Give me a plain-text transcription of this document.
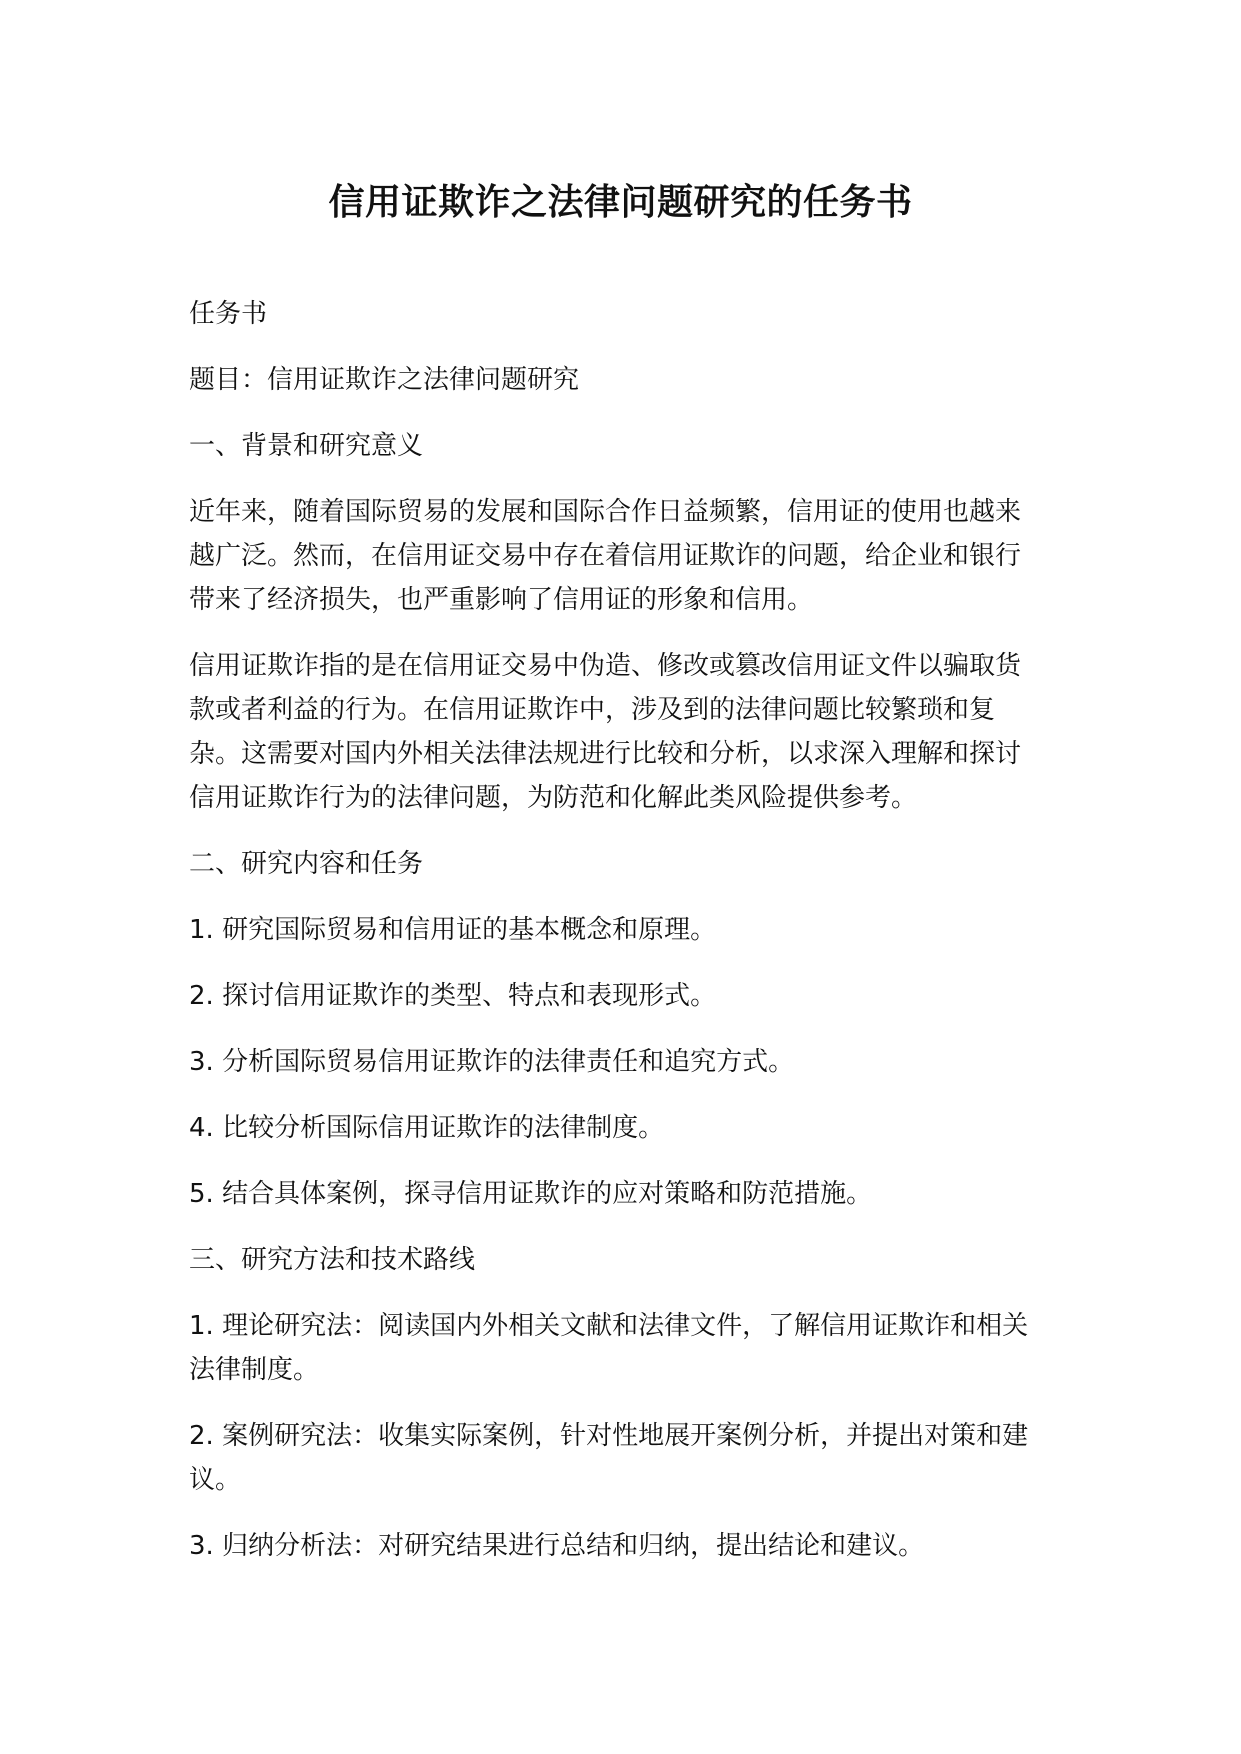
信用证欺诈之法律问题研究的任务书
任务书
题目：信用证欺诈之法律问题研究
一、背景和研究意义
近年来，随着国际贸易的发展和国际合作日益频繁，信用证的使用也越来越广泛。然而，在信用证交易中存在着信用证欺诈的问题，给企业和银行带来了经济损失，也严重影响了信用证的形象和信用。
信用证欺诈指的是在信用证交易中伪造、修改或篡改信用证文件以骗取货款或者利益的行为。在信用证欺诈中，涉及到的法律问题比较繁琐和复杂。这需要对国内外相关法律法规进行比较和分析，以求深入理解和探讨信用证欺诈行为的法律问题，为防范和化解此类风险提供参考。
二、研究内容和任务
1. 研究国际贸易和信用证的基本概念和原理。
2. 探讨信用证欺诈的类型、特点和表现形式。
3. 分析国际贸易信用证欺诈的法律责任和追究方式。
4. 比较分析国际信用证欺诈的法律制度。
5. 结合具体案例，探寻信用证欺诈的应对策略和防范措施。
三、研究方法和技术路线
1. 理论研究法：阅读国内外相关文献和法律文件，了解信用证欺诈和相关法律制度。
2. 案例研究法：收集实际案例，针对性地展开案例分析，并提出对策和建议。
3. 归纳分析法：对研究结果进行总结和归纳，提出结论和建议。
